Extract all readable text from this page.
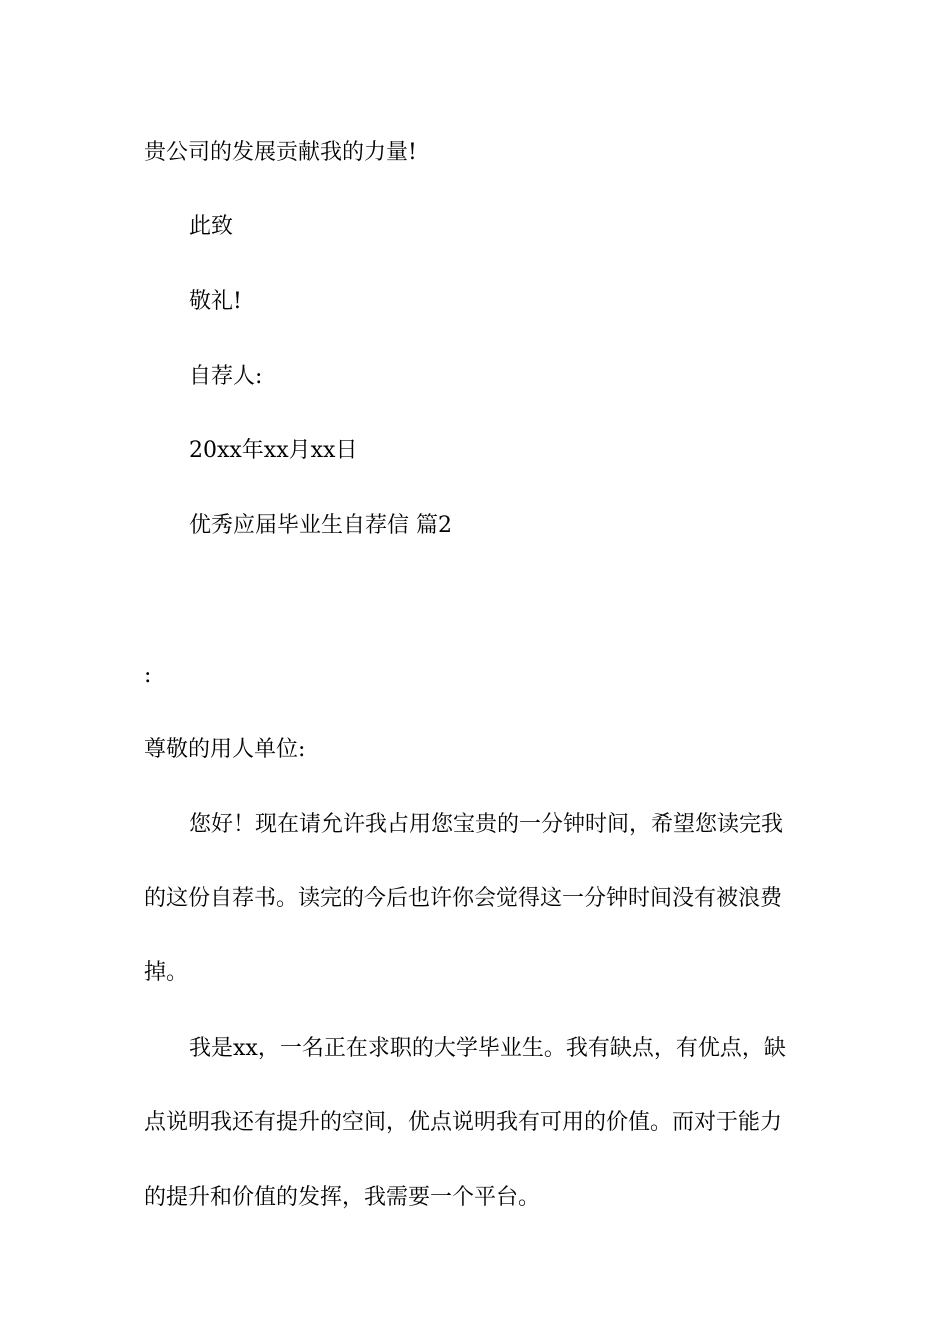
贵公司的发展贡献我的力量!

此致

敬礼!

自荐人:

20xx年xx月xx日

优秀应届毕业生自荐信 篇2

:

尊敬的用人单位:

您好！现在请允许我占用您宝贵的一分钟时间，希望您读完我

的这份自荐书。读完的今后也许你会觉得这一分钟时间没有被浪费

掉。

我是xx，一名正在求职的大学毕业生。我有缺点，有优点，缺

点说明我还有提升的空间，优点说明我有可用的价值。而对于能力

的提升和价值的发挥，我需要一个平台。
